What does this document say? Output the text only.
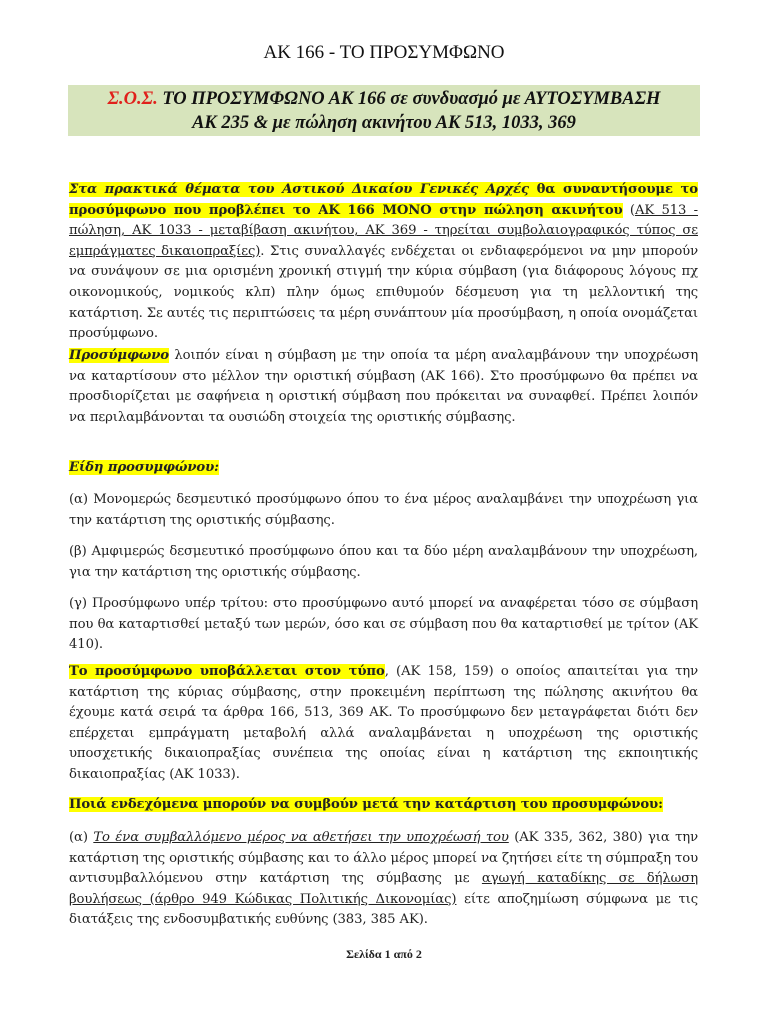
ΑΚ 166 - ΤΟ ΠΡΟΣΥΜΦΩΝΟ
Σ.Ο.Σ. ΤΟ ΠΡΟΣΥΜΦΩΝΟ ΑΚ 166 σε συνδυασμό με ΑΥΤΟΣΥΜΒΑΣΗ
ΑΚ 235 & με πώληση ακινήτου ΑΚ 513, 1033, 369
Στα πρακτικά θέματα του Αστικού Δικαίου Γενικές Αρχές θα συναντήσουμε το προσύμφωνο που προβλέπει το ΑΚ 166 ΜΟΝΟ στην πώληση ακινήτου (ΑΚ 513 - πώληση, ΑΚ 1033 - μεταβίβαση ακινήτου, ΑΚ 369 - τηρείται συμβολαιογραφικός τύπος σε εμπράγματες δικαιοπραξίες). Στις συναλλαγές ενδέχεται οι ενδιαφερόμενοι να μην μπορούν να συνάψουν σε μια ορισμένη χρονική στιγμή την κύρια σύμβαση (για διάφορους λόγους πχ οικονομικούς, νομικούς κλπ) πλην όμως επιθυμούν δέσμευση για τη μελλοντική της κατάρτιση. Σε αυτές τις περιπτώσεις τα μέρη συνάπτουν μία προσύμβαση, η οποία ονομάζεται προσύμφωνο.
Προσύμφωνο λοιπόν είναι η σύμβαση με την οποία τα μέρη αναλαμβάνουν την υποχρέωση να καταρτίσουν στο μέλλον την οριστική σύμβαση (ΑΚ 166). Στο προσύμφωνο θα πρέπει να προσδιορίζεται με σαφήνεια η οριστική σύμβαση που πρόκειται να συναφθεί. Πρέπει λοιπόν να περιλαμβάνονται τα ουσιώδη στοιχεία της οριστικής σύμβασης.
Είδη προσυμφώνου:
(α) Μονομερώς δεσμευτικό προσύμφωνο όπου το ένα μέρος αναλαμβάνει την υποχρέωση για την κατάρτιση της οριστικής σύμβασης.
(β) Αμφιμερώς δεσμευτικό προσύμφωνο όπου και τα δύο μέρη αναλαμβάνουν την υποχρέωση, για την κατάρτιση της οριστικής σύμβασης.
(γ) Προσύμφωνο υπέρ τρίτου: στο προσύμφωνο αυτό μπορεί να αναφέρεται τόσο σε σύμβαση που θα καταρτισθεί μεταξύ των μερών, όσο και σε σύμβαση που θα καταρτισθεί με τρίτον (ΑΚ 410).
Το προσύμφωνο υποβάλλεται στον τύπο, (ΑΚ 158, 159) ο οποίος απαιτείται για την κατάρτιση της κύριας σύμβασης, στην προκειμένη περίπτωση της πώλησης ακινήτου θα έχουμε κατά σειρά τα άρθρα 166, 513, 369 ΑΚ. Το προσύμφωνο δεν μεταγράφεται διότι δεν επέρχεται εμπράγματη μεταβολή αλλά αναλαμβάνεται η υποχρέωση της οριστικής υποσχετικής δικαιοπραξίας συνέπεια της οποίας είναι η κατάρτιση της εκποιητικής δικαιοπραξίας (ΑΚ 1033).
Ποιά ενδεχόμενα μπορούν να συμβούν μετά την κατάρτιση του προσυμφώνου:
(α) Το ένα συμβαλλόμενο μέρος να αθετήσει την υποχρέωσή του (ΑΚ 335, 362, 380) για την κατάρτιση της οριστικής σύμβασης και το άλλο μέρος μπορεί να ζητήσει είτε τη σύμπραξη του αντισυμβαλλόμενου στην κατάρτιση της σύμβασης με αγωγή καταδίκης σε δήλωση βουλήσεως (άρθρο 949 Κώδικας Πολιτικής Δικονομίας) είτε αποζημίωση σύμφωνα με τις διατάξεις της ενδοσυμβατικής ευθύνης (383, 385 ΑΚ).
Σελίδα 1 από 2
